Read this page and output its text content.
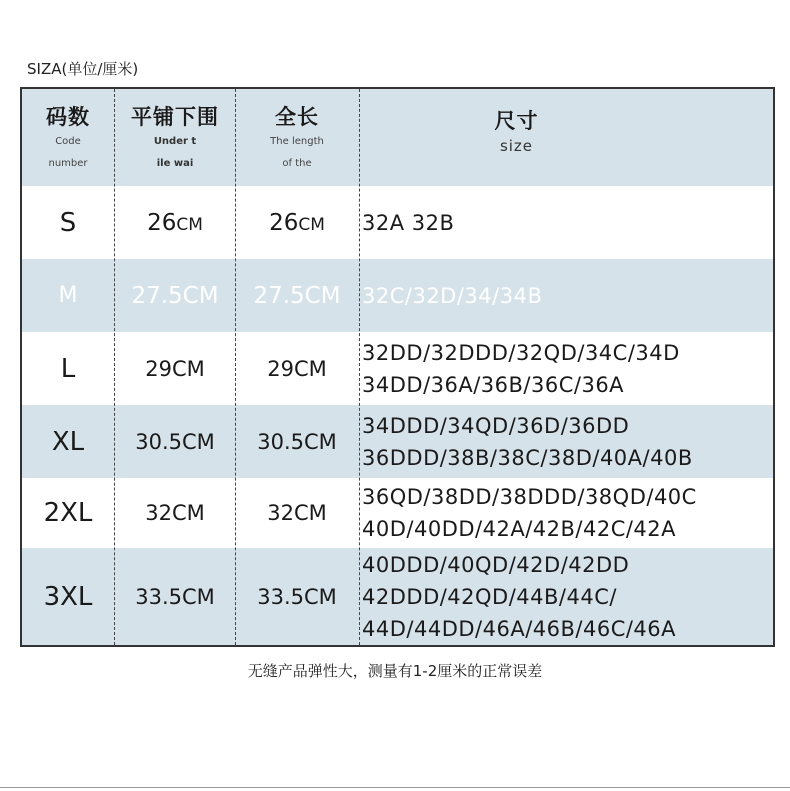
SIZA(单位/厘米)
码数
Code
number
平铺下围
Under t
ile wai
全长
The length
of the
尺寸
size
S	26CM	26CM 32A 32B
M 27.5CM 27.5CM 32C/32D/34/34B
L	29CM	29CM
32DD/32DDD/32QD/34C/34D
34DD/36A/36B/36C/36A
XL 30.5CM 30.5CM
34DDD/34QD/36D/36DD
36DDD/38B/38C/38D/40A/40B
2XL	32CM	32CM
36QD/38DD/38DDD/38QD/40C
40D/40DD/42A/42B/42C/42A
3XL 33.5CM 33.5CM
40DDD/40QD/42D/42DD
42DDD/42QD/44B/44C/
44D/44DD/46A/46B/46C/46A
无缝产品弹性大，测量有1-2厘米的正常误差
